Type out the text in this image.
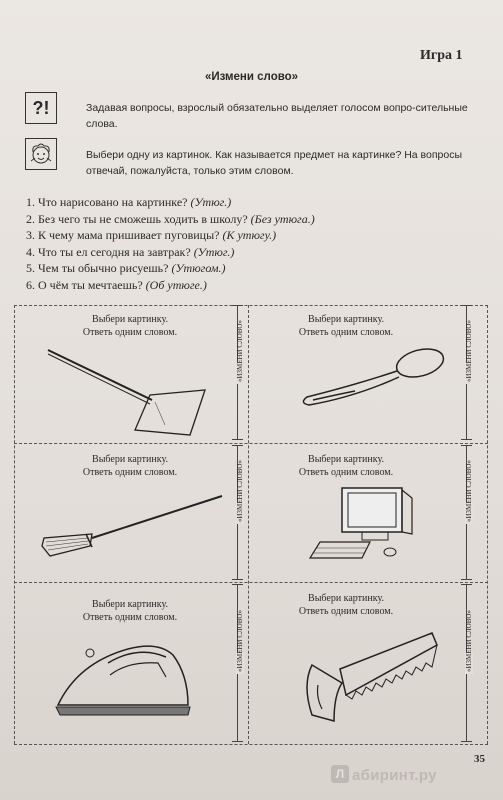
Игра 1
«Измени слово»
?!	Задавая вопросы, взрослый обязательно выделяет голосом вопро-сительные слова.
Выбери одну из картинок. Как называется предмет на картинке? На вопросы отвечай, пожалуйста, только этим словом.
1. Что нарисовано на картинке? (Утюг.)
2. Без чего ты не сможешь ходить в школу? (Без утюга.)
3. К чему мама пришивает пуговицы? (К утюгу.)
4. Что ты ел сегодня на завтрак? (Утюг.)
5. Чем ты обычно рисуешь? (Утюгом.)
6. О чём ты мечтаешь? (Об утюге.)
«ИЗМЕНИ СЛОВО»	«ИЗМЕНИ СЛОВО»
«ИЗМЕНИ СЛОВО»	«ИЗМЕНИ СЛОВО»
«ИЗМЕНИ СЛОВО»	«ИЗМЕНИ СЛОВО»
Выбери картинку.
Ответь одним словом.
Выбери картинку.
Ответь одним словом.
Выбери картинку.
Ответь одним словом.
Выбери картинку.
Ответь одним словом.
Выбери картинку.
Ответь одним словом.
Выбери картинку.
Ответь одним словом.
35
Л абиринт.ру
